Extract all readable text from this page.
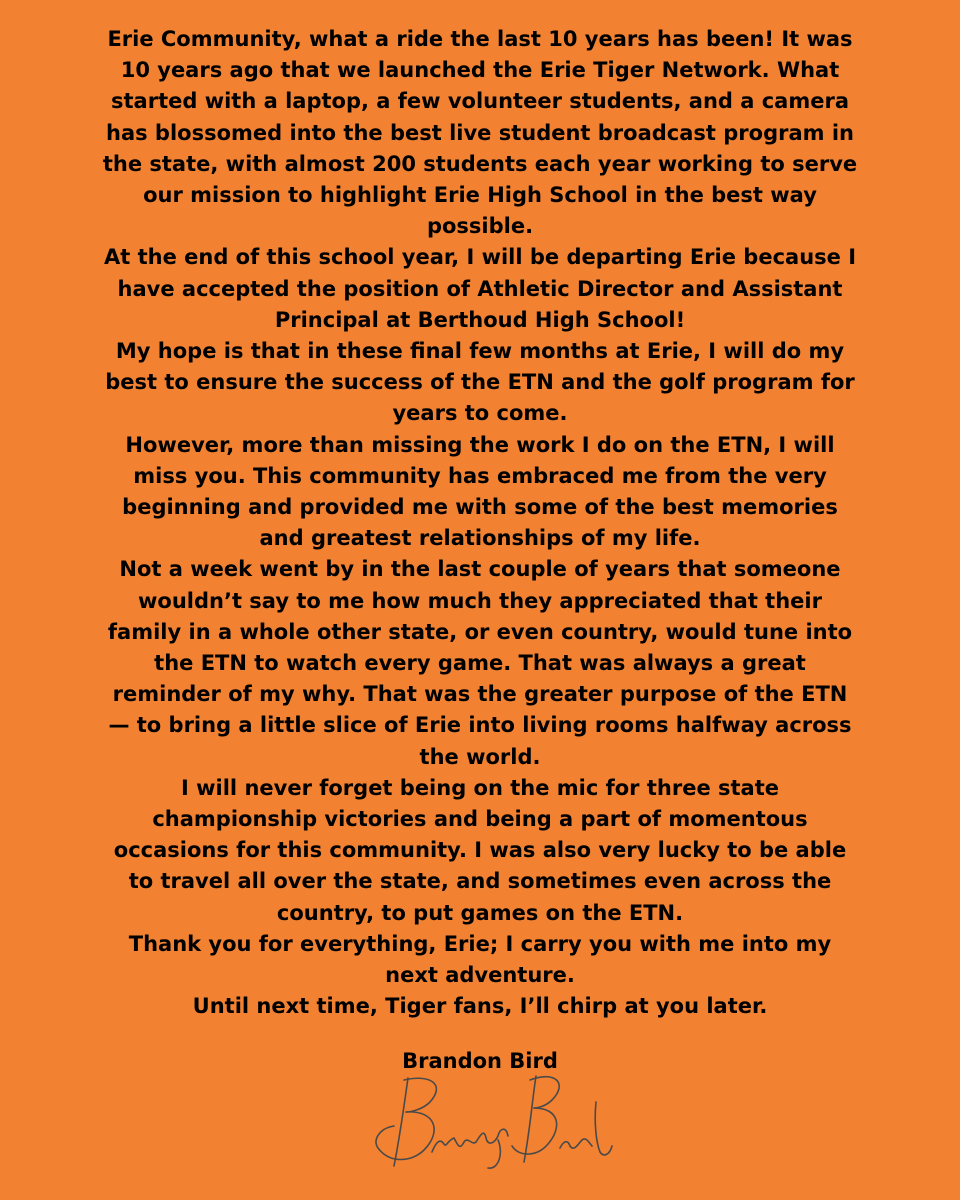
Erie Community, what a ride the last 10 years has been! It was 10 years ago that we launched the Erie Tiger Network. What started with a laptop, a few volunteer students, and a camera has blossomed into the best live student broadcast program in the state, with almost 200 students each year working to serve our mission to highlight Erie High School in the best way possible.

At the end of this school year, I will be departing Erie because I have accepted the position of Athletic Director and Assistant Principal at Berthoud High School!

My hope is that in these final few months at Erie, I will do my best to ensure the success of the ETN and the golf program for years to come.

However, more than missing the work I do on the ETN, I will miss you. This community has embraced me from the very beginning and provided me with some of the best memories and greatest relationships of my life.

Not a week went by in the last couple of years that someone wouldn’t say to me how much they appreciated that their family in a whole other state, or even country, would tune into the ETN to watch every game. That was always a great reminder of my why. That was the greater purpose of the ETN — to bring a little slice of Erie into living rooms halfway across the world.

I will never forget being on the mic for three state championship victories and being a part of momentous occasions for this community. I was also very lucky to be able to travel all over the state, and sometimes even across the country, to put games on the ETN.

Thank you for everything, Erie; I carry you with me into my next adventure.

Until next time, Tiger fans, I’ll chirp at you later.

Brandon Bird
